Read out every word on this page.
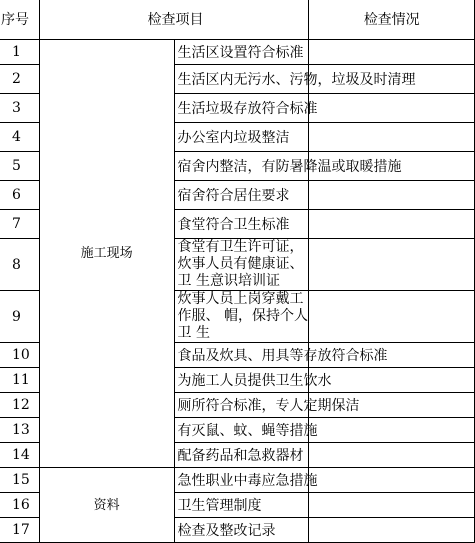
序号	检查项目		检查情况
1	施工现场	生活区设置符合标准	
2		生活区内无污水、污物，垃圾及时清理	
3		生活垃圾存放符合标准	
4		办公室内垃圾整洁	
5		宿舍内整洁，有防暑降温或取暖措施	
6		宿舍符合居住要求	
7		食堂符合卫生标准	
8		食堂有卫生许可证， 炊事人员有健康证、卫 生意识培训证	
9		炊事人员上岗穿戴工作服、 帽，保持个人卫 生	
10		食品及炊具、用具等存放符合标准	
11		为施工人员提供卫生饮水	
12		厕所符合标准，专人定期保洁	
13		有灭鼠、蚊、蝇等措施	
14		配备药品和急救器材	
15	资料	急性职业中毒应急措施	
16		卫生管理制度	
17		检查及整改记录	
